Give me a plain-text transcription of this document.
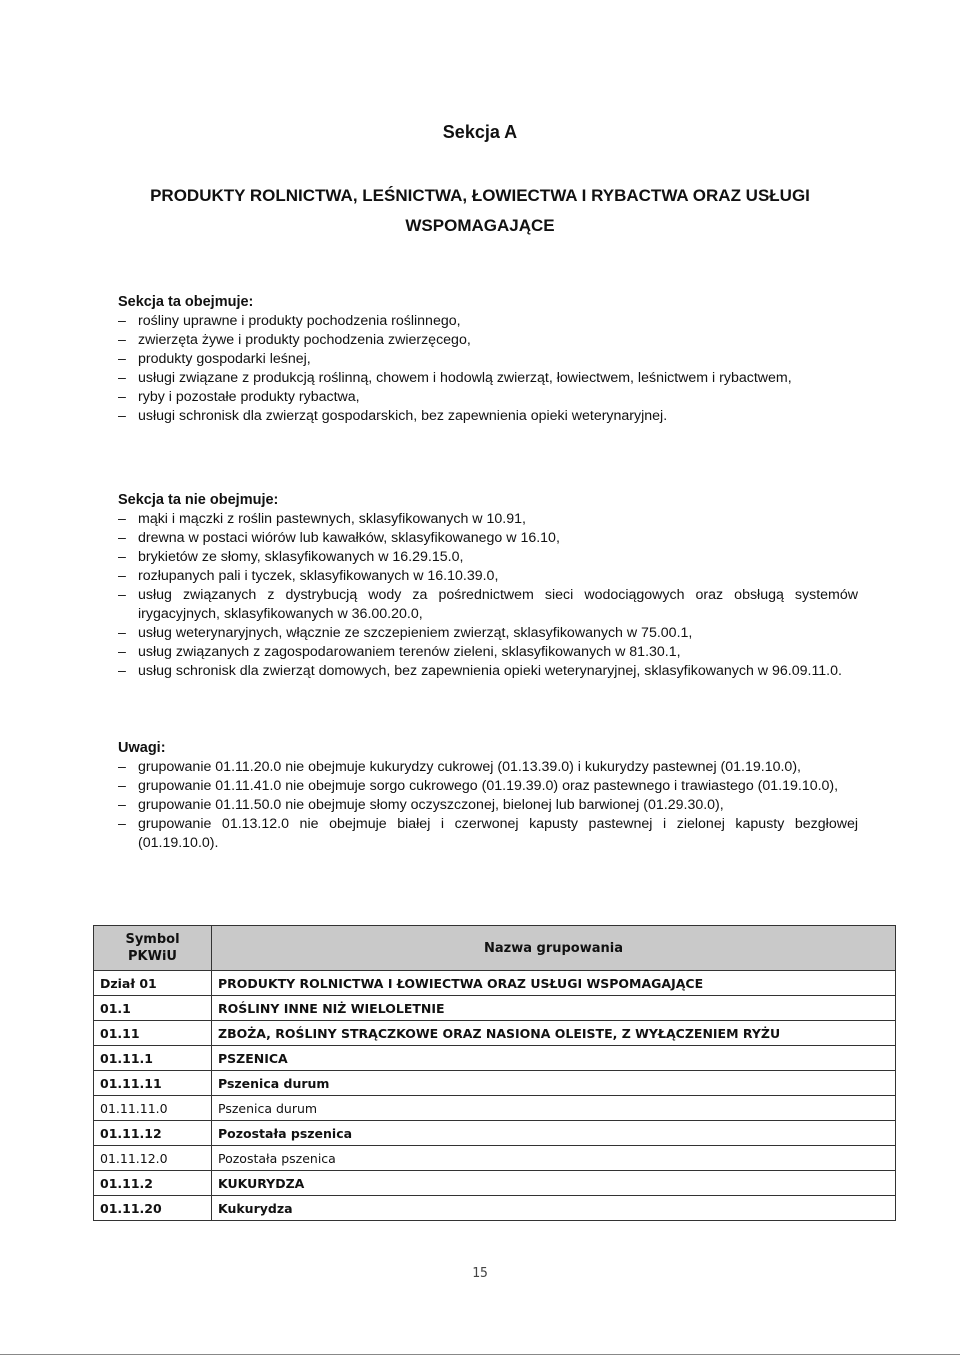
Sekcja A
PRODUKTY ROLNICTWA, LEŚNICTWA, ŁOWIECTWA I RYBACTWA ORAZ USŁUGI WSPOMAGAJĄCE
Sekcja ta obejmuje:
– rośliny uprawne i produkty pochodzenia roślinnego,
– zwierzęta żywe i produkty pochodzenia zwierzęcego,
– produkty gospodarki leśnej,
– usługi związane z produkcją roślinną, chowem i hodowlą zwierząt, łowiectwem, leśnictwem i rybactwem,
– ryby i pozostałe produkty rybactwa,
– usługi schronisk dla zwierząt gospodarskich, bez zapewnienia opieki weterynaryjnej.
Sekcja ta nie obejmuje:
– mąki i mączki z roślin pastewnych, sklasyfikowanych w 10.91,
– drewna w postaci wiórów lub kawałków, sklasyfikowanego w 16.10,
– brykietów ze słomy, sklasyfikowanych w 16.29.15.0,
– rozłupanych pali i tyczek, sklasyfikowanych w 16.10.39.0,
– usług związanych z dystrybucją wody za pośrednictwem sieci wodociągowych oraz obsługą systemów irygacyjnych, sklasyfikowanych w 36.00.20.0,
– usług weterynaryjnych, włącznie ze szczepieniem zwierząt, sklasyfikowanych w 75.00.1,
– usług związanych z zagospodarowaniem terenów zieleni, sklasyfikowanych w 81.30.1,
– usług schronisk dla zwierząt domowych, bez zapewnienia opieki weterynaryjnej, sklasyfikowanych w 96.09.11.0.
Uwagi:
– grupowanie 01.11.20.0 nie obejmuje kukurydzy cukrowej (01.13.39.0) i kukurydzy pastewnej (01.19.10.0),
– grupowanie 01.11.41.0 nie obejmuje sorgo cukrowego (01.19.39.0) oraz pastewnego i trawiastego (01.19.10.0),
– grupowanie 01.11.50.0 nie obejmuje słomy oczyszczonej, bielonej lub barwionej (01.29.30.0),
– grupowanie 01.13.12.0 nie obejmuje białej i czerwonej kapusty pastewnej i zielonej kapusty bezgłowej (01.19.10.0).
Symbol
PKWiU	Nazwa grupowania
Dział 01	PRODUKTY ROLNICTWA I ŁOWIECTWA ORAZ USŁUGI WSPOMAGAJĄCE
01.1	ROŚLINY INNE NIŻ WIELOLETNIE
01.11	ZBOŻA, ROŚLINY STRĄCZKOWE ORAZ NASIONA OLEISTE, Z WYŁĄCZENIEM RYŻU
01.11.1	PSZENICA
01.11.11	Pszenica durum
01.11.11.0	Pszenica durum
01.11.12	Pozostała pszenica
01.11.12.0	Pozostała pszenica
01.11.2	KUKURYDZA
01.11.20	Kukurydza
15
